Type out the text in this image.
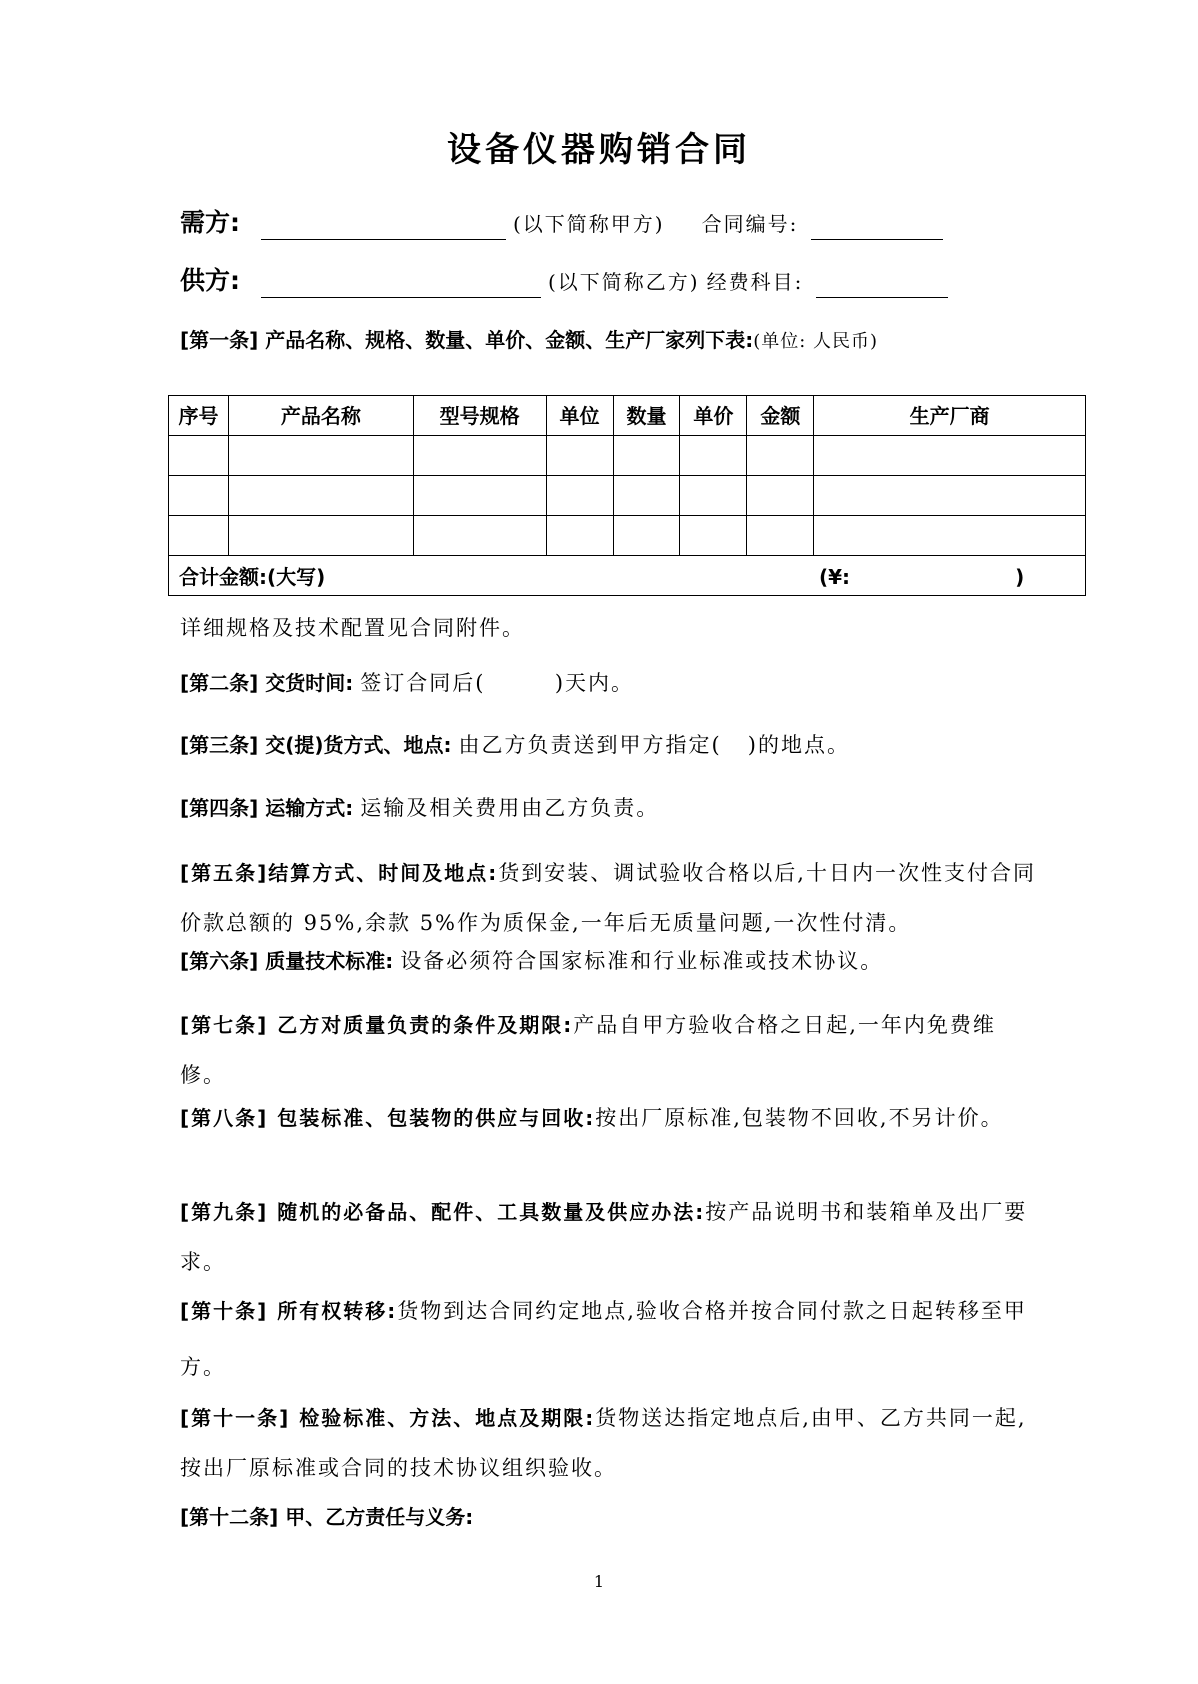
设备仪器购销合同
需方:	(以下简称甲方) 合同编号:
供方:	(以下简称乙方) 经费科目:
[第一条] 产品名称、规格、数量、单价、金额、生产厂家列下表:(单位: 人民币)
序号	产品名称	型号规格	单位	数量	单价	金额	生产厂商

合计金额:(大写) (¥: )							
详细规格及技术配置见合同附件。
[第二条] 交货时间: 签订合同后(        )天内。
[第三条] 交(提)货方式、地点: 由乙方负责送到甲方指定(   )的地点。
[第四条] 运输方式: 运输及相关费用由乙方负责。
[第五条]结算方式、时间及地点:货到安装、调试验收合格以后,十日内一次性支付合同价款总额的 95%,余款 5%作为质保金,一年后无质量问题,一次性付清。
[第六条] 质量技术标准: 设备必须符合国家标准和行业标准或技术协议。
[第七条] 乙方对质量负责的条件及期限:产品自甲方验收合格之日起,一年内免费维修。
[第八条] 包装标准、包装物的供应与回收:按出厂原标准,包装物不回收,不另计价。
[第九条] 随机的必备品、配件、工具数量及供应办法:按产品说明书和装箱单及出厂要求。
[第十条] 所有权转移:货物到达合同约定地点,验收合格并按合同付款之日起转移至甲方。
[第十一条] 检验标准、方法、地点及期限:货物送达指定地点后,由甲、乙方共同一起,按出厂原标准或合同的技术协议组织验收。
[第十二条] 甲、乙方责任与义务:
1
